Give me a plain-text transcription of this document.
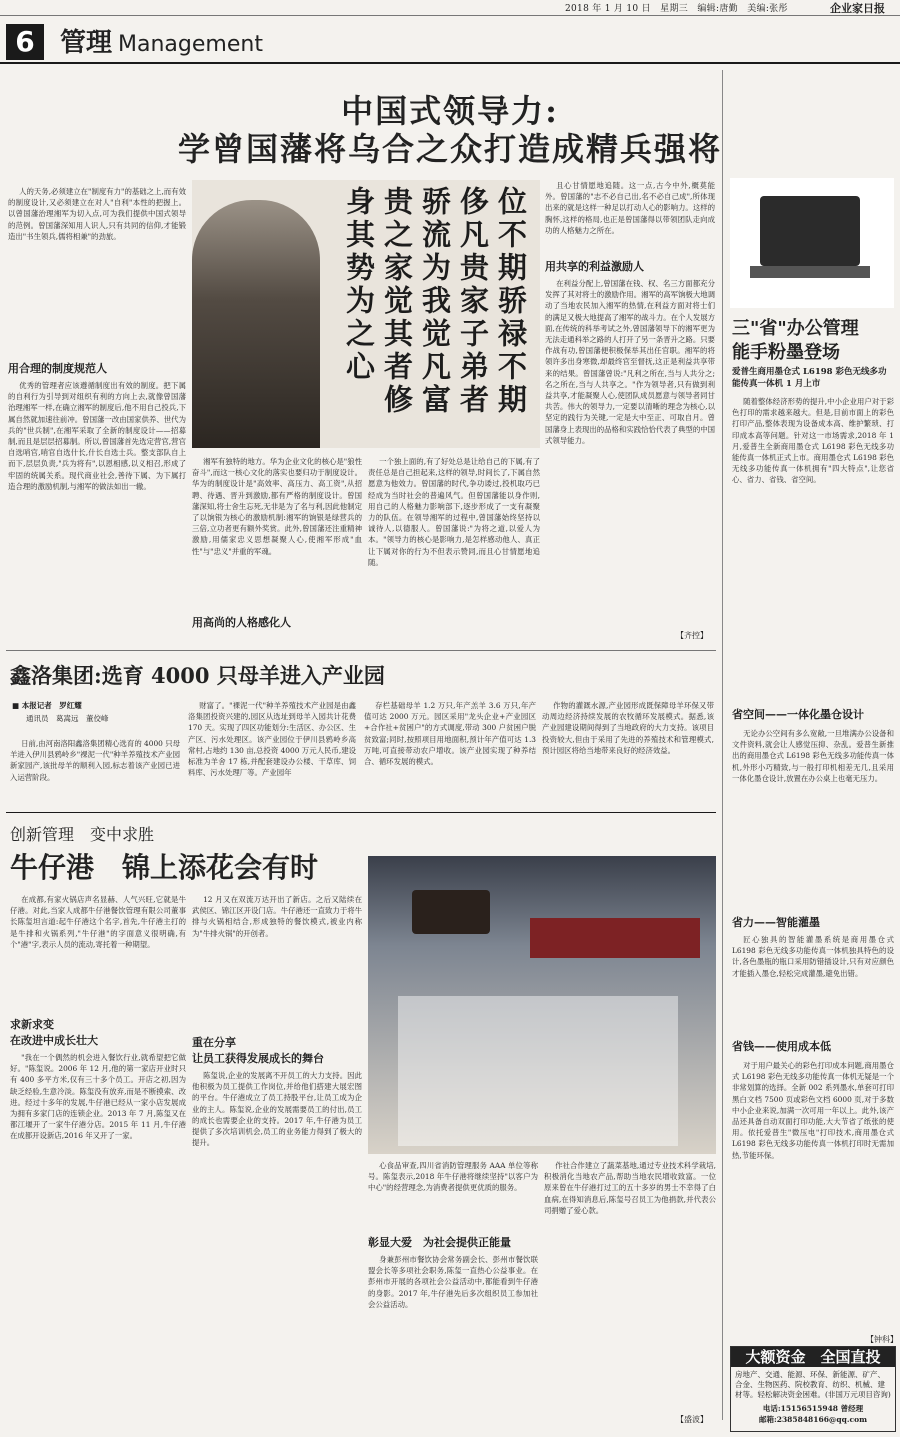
2018 年 1 月 10 日　星期三　编辑:唐勤　美编:张彤	企业家日报
6 管理 Management
中国式领导力:
学曾国藩将乌合之众打造成精兵强将

人的天务,必须建立在"制度有力"的基础之上,而有效的制度设计,又必须建立在对人"自利"本性的把握上。以曾国藩治理湘军为切入点,可为我们提供中国式领导的范例。曾国藩深知用人识人,只有共同的信仰,才能锻造出"书生领兵,儒将相兼"的劲旅。

用合理的制度规范人

优秀的管理者应该遵循制度出有效的制度。把下属的自利行为引导到对组织有利的方向上去,就像曾国藩治理湘军一样,在确立湘军的制度后,他不用自己投兵,下属自然就加速往前冲。曾国藩一改由国家供养、世代为兵的"世兵制",在湘军采取了全新的制度设计——招募制,而且是层层招募制。所以,曾国藩首先选定营官,营官自选哨官,哨官自选什长,什长自选士兵。整支部队自上而下,层层负责,"兵为将有",以恩相感,以义相召,形成了牢固的统属关系。现代商业社会,善待下属、为下属打造合理的激励机制,与湘军的做法如出一辙。

位不期骄禄不期
侈凡贵家子弟者
骄流为我觉凡富
贵之家觉其者修
身其势为之心

湘军有独特的地方。华为企业文化的核心是"狼性奋斗",而这一核心文化的落实也要归功于制度设计。华为的制度设计是"高效率、高压力、高工资",从招聘、待遇、晋升到激励,都有严格的制度设计。曾国藩深知,将士舍生忘死,无非是为了名与利,因此他制定了以饷银为核心的激励机制:湘军的饷银是绿营兵的三倍,立功者更有额外奖赏。此外,曾国藩还注重精神激励,用儒家忠义思想凝聚人心,使湘军形成"血性"与"忠义"并重的军魂。

用高尚的人格感化人

一个独上面的,有了好处总是让给自己的下属,有了责任总是自己担起来,这样的领导,时间长了,下属自然愿意为他效力。曾国藩的时代,争功诿过,投机取巧已经成为当时社会的普遍风气。但曾国藩能以身作则,用自己的人格魅力影响部下,逐步形成了一支有凝聚力的队伍。在领导湘军的过程中,曾国藩始终坚持以诚待人,以德服人。曾国藩说:"为将之道,以爱人为本。"领导力的核心是影响力,是怎样感动他人、真正让下属对你的行为不但表示赞同,而且心甘情愿地追随。

且心甘情愿地追随。这一点,古今中外,概莫能外。曾国藩的"志不必自己出,名不必自己成",所体现出来的就是这样一种足以打动人心的影响力。这样的胸怀,这样的格局,也正是曾国藩得以带领团队走向成功的人格魅力之所在。

用共享的利益激励人

在利益分配上,曾国藩在钱、权、名三方面都充分发挥了其对将士的激励作用。湘军的高军饷极大地调动了当地农民加入湘军的热情,在利益方面对将士们的满足又极大地提高了湘军的战斗力。在个人发展方面,在传统的科举考试之外,曾国藩领导下的湘军更为无法走通科举之路的人打开了另一条晋升之路。只要作战有功,曾国藩便积极保举其出任官职。湘军的将领许多出身寒微,却最终官至督抚,这正是利益共享带来的结果。曾国藩曾说:"凡利之所在,当与人共分之;名之所在,当与人共享之。"作为领导者,只有做到利益共享,才能凝聚人心,使团队成员愿意与领导者同甘共苦。伟大的领导力,一定要以清晰的理念为核心,以坚定的践行为关键,一定是大中至正、可取自月。曾国藩身上表现出的品格和实践恰恰代表了典型的中国式领导能力。

【齐控】
鑫洛集团:选育 4000 只母羊进入产业园
■ 本报记者　罗红耀
通讯员　葛嵩远　董佼峰

日前,由河南洛阳鑫洛集团精心选育的 4000 只母羊进入伊川县鸦岭乡"裸泥一代"种羊养殖技术产业园新家园产,该批母羊的顺利入园,标志着该产业园已进入运营阶段。

财富了。"裸泥一代"种羊养殖技术产业园是由鑫洛集团投资兴建的,园区从选址到母羊入园共计花费 170 天。实现了四区功能划分:生活区、办公区、生产区、污水处理区。该产业园位于伊川县鸦岭乡高常村,占地约 130 亩,总投资 4000 万元人民币,建设标准为羊舍 17 栋,并配套建设办公楼、干草库、饲料库、污水处理厂等。产业园年

存栏基础母羊 1.2 万只,年产羔羊 3.6 万只,年产值可达 2000 万元。园区采用"龙头企业+产业园区+合作社+贫困户"的方式调度,带动 300 户贫困户脱贫致富;同时,按照项目用地面积,预计年产值可达 1.3 万吨,可直接带动农户增收。该产业园实现了种养结合、循环发展的模式。

作物的灌溉水源,产业园形成既保障母羊环保又带动周边经济持续发展的农牧循环发展模式。据悉,该产业园建设期间得到了当地政府的大力支持。该项目投资较大,但由于采用了先进的养殖技术和管理模式,预计园区将给当地带来良好的经济效益。

创新管理　变中求胜
牛仔港　锦上添花会有时

在成都,有家火锅店声名显赫、人气兴旺,它就是牛仔港。对此,当家人成都牛仔港餐饮管理有限公司董事长陈玺坦言道:起牛仔港这个名字,首先,牛仔港主打的是牛排和火锅系列,"牛仔港"的字面意义很明确,有个"港"字,表示人员的流动,寄托着一种期望。

求新求变
在改进中成长壮大

"我在一个偶然的机会进入餐饮行业,就希望把它做好。"陈玺说。2006 年 12 月,他的第一家店开业时只有 400 多平方米,仅有三十多个员工。开店之初,因为缺乏经验,生意冷淡。陈玺没有放弃,而是不断摸索、改进。经过十多年的发展,牛仔港已经从一家小店发展成为拥有多家门店的连锁企业。2013 年 7 月,陈玺又在都江堰开了一家牛仔港分店。2015 年 11 月,牛仔港在成都开设新店,2016 年又开了一家。

12 月又在双流万达开出了新店。之后又陆续在武侯区、锦江区开设门店。牛仔港还一直致力于将牛排与火锅相结合,形成独特的餐饮模式,被业内称为"牛排火锅"的开创者。

重在分享
让员工获得发展成长的舞台

陈玺说,企业的发展离不开员工的大力支持。因此他积极为员工提供工作岗位,并给他们搭建大展宏图的平台。牛仔港成立了员工持股平台,让员工成为企业的主人。陈玺说,企业的发展需要员工的付出,员工的成长也需要企业的支持。2017 年,牛仔港为员工提供了多次培训机会,员工的业务能力得到了极大的提升。

心食品审查,四川省消防管理服务 AAA 单位等称号。陈玺表示,2018 年牛仔港将继续坚持"以客户为中心"的经营理念,为消费者提供更优质的服务。

彰显大爱　为社会提供正能量

身兼彭州市餐饮协会常务副会长、彭州市餐饮联盟会长等多项社会职务,陈玺一直热心公益事业。在彭州市开展的各项社会公益活动中,都能看到牛仔港的身影。2017 年,牛仔港先后多次组织员工参加社会公益活动。

作社合作建立了蔬菜基地,通过专业技术科学栽培,积极消化当地农产品,帮助当地农民增收致富。一位原来曾在牛仔港打过工的五十多岁的男士不幸得了白血病,在得知消息后,陈玺号召员工为他捐款,并代表公司捐赠了爱心款。

【盛波】
三"省"办公管理
能手粉墨登场
爱普生商用墨仓式 L6198 彩色无线多功能传真一体机 1 月上市

随着整体经济形势的提升,中小企业用户对于彩色打印的需求越来越大。但是,目前市面上的彩色打印产品,整体表现为设备成本高、维护繁琐、打印成本高等问题。针对这一市场需求,2018 年 1 月,爱普生全新商用墨仓式 L6198 彩色无线多功能传真一体机正式上市。商用墨仓式 L6198 彩色无线多功能传真一体机拥有"四大特点",让您省心、省力、省钱、省空间。

省空间——一体化墨仓设计

无论办公空间有多么宽敞,一旦堆满办公设备和文件资料,就会让人感觉压抑、杂乱。爱普生新推出的商用墨仓式 L6198 彩色无线多功能传真一体机,外形小巧精致,与一般打印机相差无几,且采用一体化墨仓设计,放置在办公桌上也毫无压力。

省力——智能灌墨

匠心独具的智能灌墨系统是商用墨仓式 L6198 彩色无线多功能传真一体机独具特色的设计,各色墨瓶的瓶口采用防错插设计,只有对应颜色才能插入墨仓,轻松完成灌墨,避免出错。

省钱——使用成本低

对于用户最关心的彩色打印成本问题,商用墨仓式 L6198 彩色无线多功能传真一体机无疑是一个非常划算的选择。全新 002 系列墨水,单套可打印黑白文档 7500 页或彩色文档 6000 页,对于多数中小企业来说,加满一次可用一年以上。此外,该产品还具备自动双面打印功能,大大节省了纸张的使用。依托爱普生"微压电"打印技术,商用墨仓式 L6198 彩色无线多功能传真一体机打印时无需加热,节能环保。

【钟科】
大额资金　全国直投
房地产、交通、能源、环保、新能源、矿产、合金、生物医药、院校教育、纺织、机械、建材等。轻松解决资金困难。(非国万元项目咨询)
电话:15156515948 曾经理
邮箱:2385848166@qq.com
